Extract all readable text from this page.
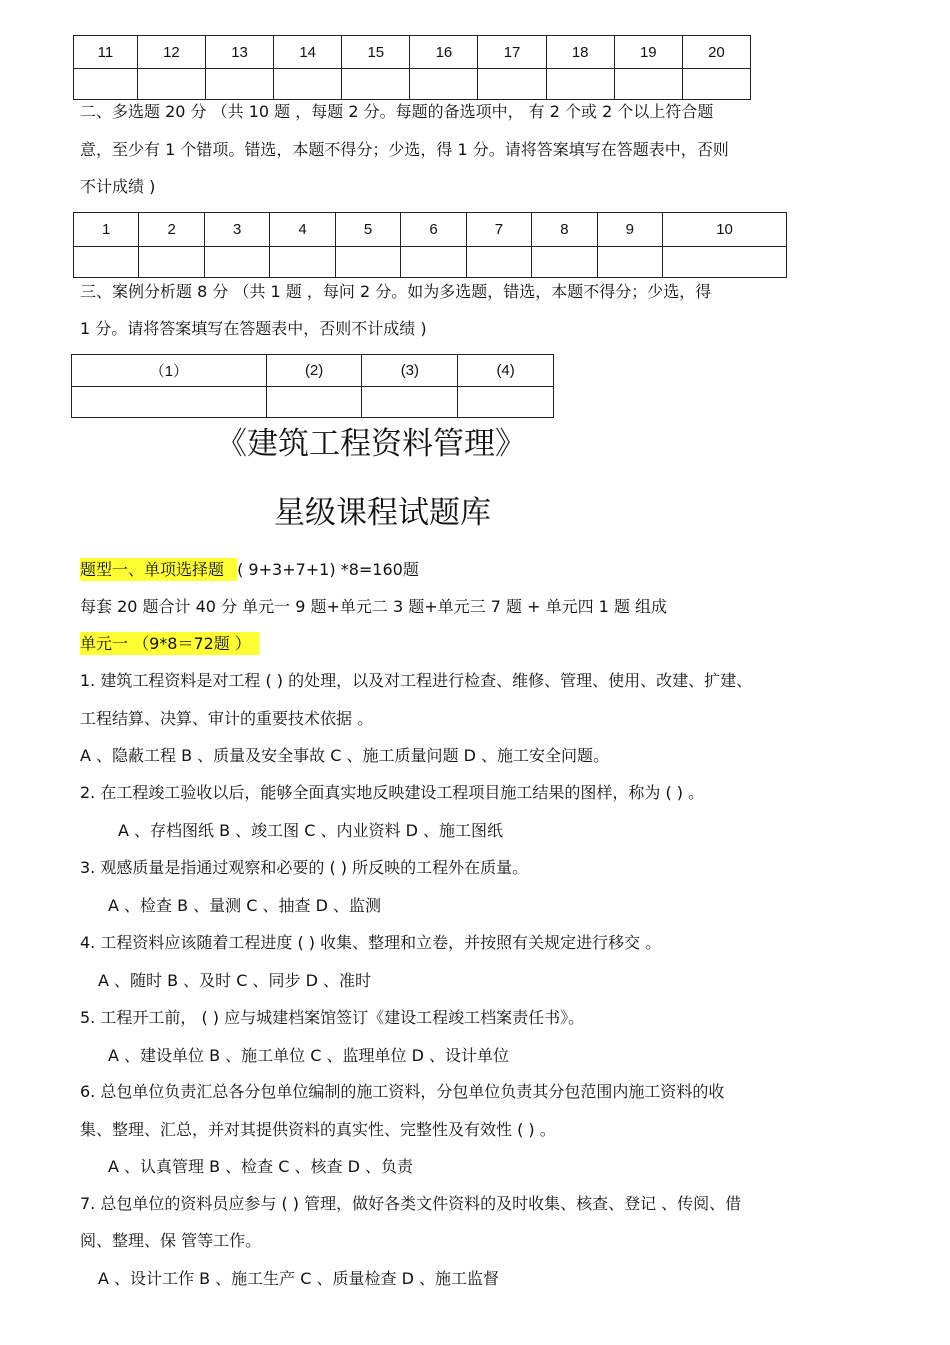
11	12	13	14	15	16	17	18	19	20

二、多选题 20 分 （共 10 题 ，每题 2 分。每题的备选项中， 有 2 个或 2 个以上符合题
意，至少有 1 个错项。错选，本题不得分；少选，得 1 分。请将答案填写在答题表中，否则
不计成绩 )
1	2	3	4	5	6	7	8	9	10

三、案例分析题 8 分 （共 1 题 ，每问 2 分。如为多选题，错选，本题不得分；少选，得
1 分。请将答案填写在答题表中，否则不计成绩 )
（1）	(2)	(3)	(4)

《建筑工程资料管理》
星级课程试题库
题型一、单项选择题 ( 9+3+7+1) *8=160题
每套 20 题合计 40 分 单元一 9 题+单元二 3 题+单元三 7 题 + 单元四 1 题 组成
单元一 （9*8＝72题 ）
1. 建筑工程资料是对工程 ( ) 的处理，以及对工程进行检查、维修、管理、使用、改建、扩建、
工程结算、决算、审计的重要技术依据 。
A 、隐蔽工程 B 、质量及安全事故 C 、施工质量问题 D 、施工安全问题。
2. 在工程竣工验收以后，能够全面真实地反映建设工程项目施工结果的图样，称为 ( ) 。
A 、存档图纸 B 、竣工图 C 、内业资料 D 、施工图纸
3. 观感质量是指通过观察和必要的 ( ) 所反映的工程外在质量。
A 、检查 B 、量测 C 、抽查 D 、监测
4. 工程资料应该随着工程进度 ( ) 收集、整理和立卷，并按照有关规定进行移交 。
A 、随时 B 、及时 C 、同步 D 、准时
5. 工程开工前， ( ) 应与城建档案馆签订《建设工程竣工档案责任书》。
A 、建设单位 B 、施工单位 C 、监理单位 D 、设计单位
6. 总包单位负责汇总各分包单位编制的施工资料，分包单位负责其分包范围内施工资料的收
集、整理、汇总，并对其提供资料的真实性、完整性及有效性 ( ) 。
A 、认真管理 B 、检查 C 、核查 D 、负责
7. 总包单位的资料员应参与 ( ) 管理，做好各类文件资料的及时收集、核查、登记 、传阅、借
阅、整理、保 管等工作。
A 、设计工作 B 、施工生产 C 、质量检查 D 、施工监督
